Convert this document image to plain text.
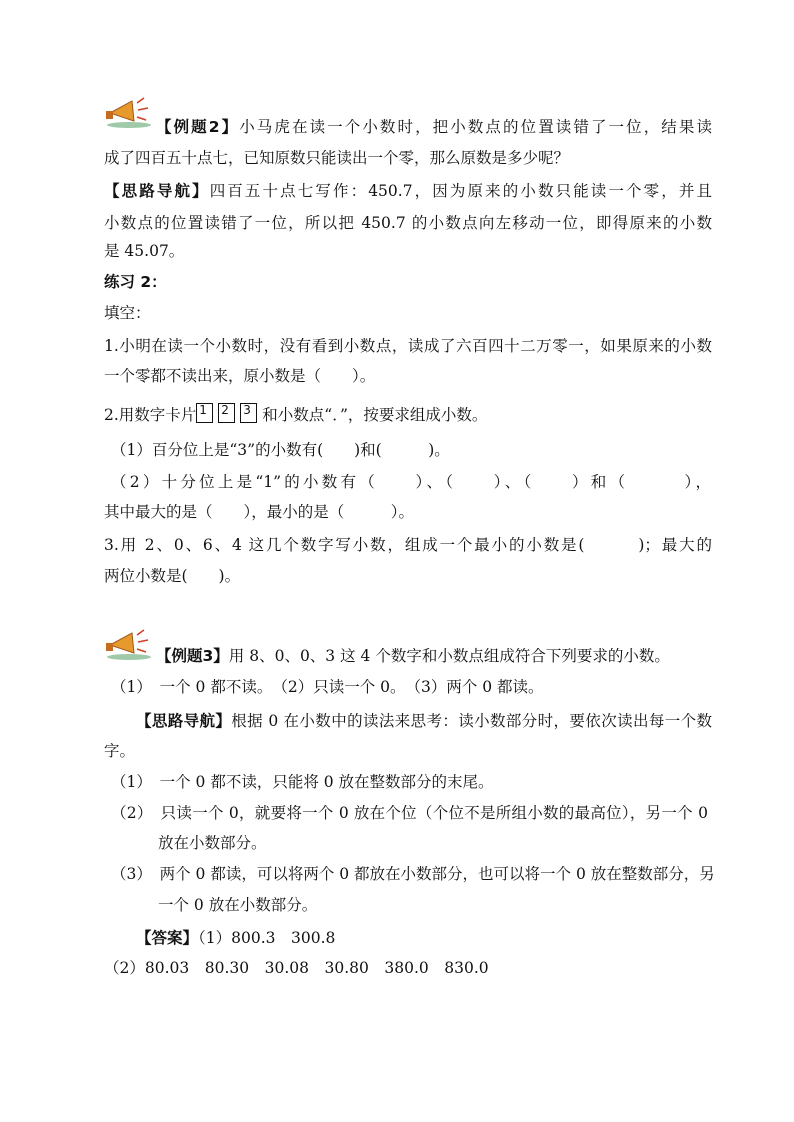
【例题2】小马虎在读一个小数时，把小数点的位置读错了一位，结果读
成了四百五十点七，已知原数只能读出一个零，那么原数是多少呢？
【思路导航】四百五十点七写作：450.7，因为原来的小数只能读一个零，并且
小数点的位置读错了一位，所以把 450.7 的小数点向左移动一位，即得原来的小数
是 45.07。
练习 2：
填空：
1.小明在读一个小数时，没有看到小数点，读成了六百四十二万零一，如果原来的小数
一个零都不读出来，原小数是（　　）。
2.用数字卡片 1 2 3 和小数点“．”，按要求组成小数。
（1）百分位上是“3”的小数有(　　)和(　　　)。
（2）十分位上是“1”的小数有（　　）、（　　）、（　　）和（　　　），
其中最大的是（　　），最小的是（　　　）。
3.用 2、0、6、4 这几个数字写小数，组成一个最小的小数是(　　　)；最大的
两位小数是(　　)。
【例题3】用 8、0、0、3 这 4 个数字和小数点组成符合下列要求的小数。
（1）　一个 0 都不读。　（2）只读一个 0。　（3）两个 0 都读。
【思路导航】根据 0 在小数中的读法来思考：读小数部分时，要依次读出每一个数
字。
（1）　一个 0 都不读，只能将 0 放在整数部分的末尾。
（2）　只读一个 0，就要将一个 0 放在个位（个位不是所组小数的最高位），另一个 0
放在小数部分。
（3）　两个 0 都读，可以将两个 0 都放在小数部分，也可以将一个 0 放在整数部分，另
一个 0 放在小数部分。
【答案】（1）800.3　300.8
（2）80.03　80.30　30.08　30.80　380.0　830.0
